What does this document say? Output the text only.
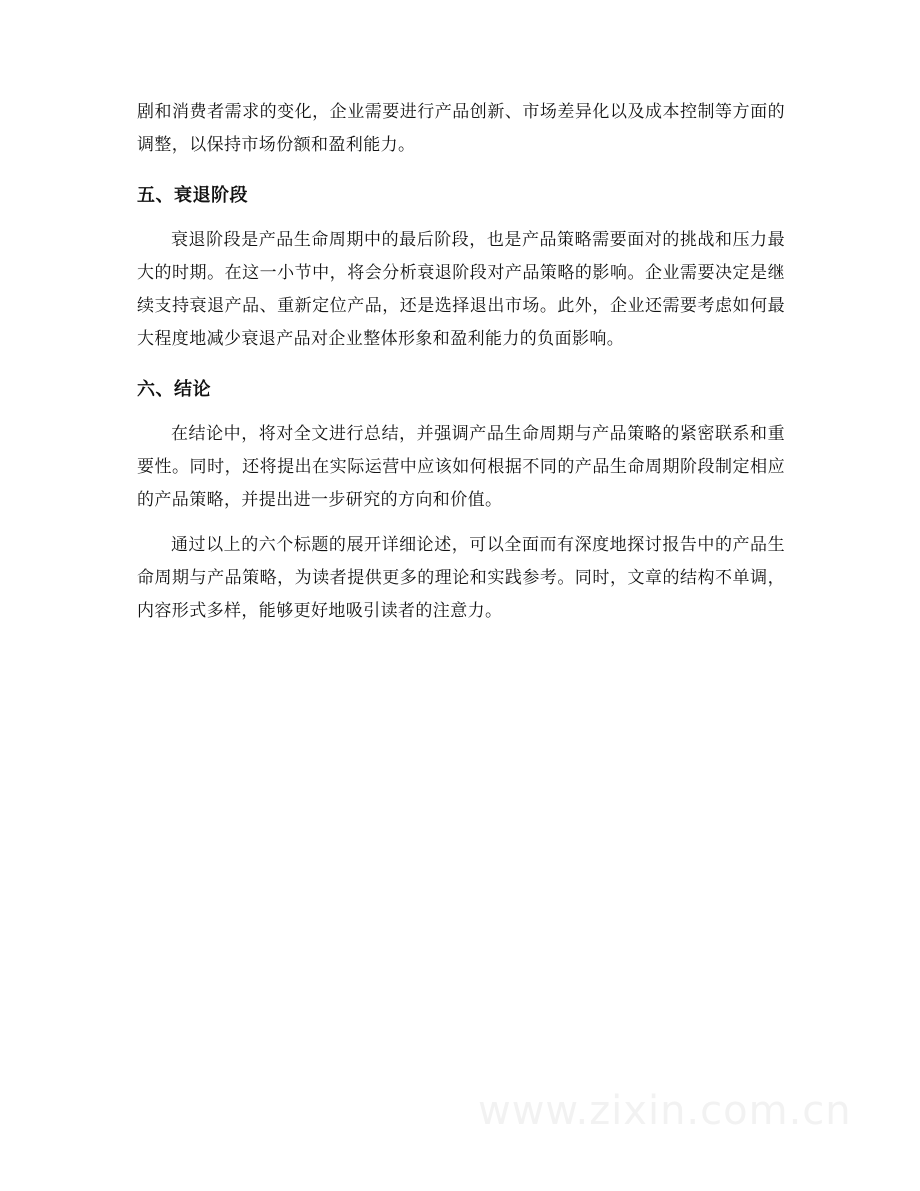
剧和消费者需求的变化，企业需要进行产品创新、市场差异化以及成本控制等方面的调整，以保持市场份额和盈利能力。

五、衰退阶段

衰退阶段是产品生命周期中的最后阶段，也是产品策略需要面对的挑战和压力最大的时期。在这一小节中，将会分析衰退阶段对产品策略的影响。企业需要决定是继续支持衰退产品、重新定位产品，还是选择退出市场。此外，企业还需要考虑如何最大程度地减少衰退产品对企业整体形象和盈利能力的负面影响。

六、结论

在结论中，将对全文进行总结，并强调产品生命周期与产品策略的紧密联系和重要性。同时，还将提出在实际运营中应该如何根据不同的产品生命周期阶段制定相应的产品策略，并提出进一步研究的方向和价值。

通过以上的六个标题的展开详细论述，可以全面而有深度地探讨报告中的产品生命周期与产品策略，为读者提供更多的理论和实践参考。同时，文章的结构不单调，内容形式多样，能够更好地吸引读者的注意力。

www.zixin.com.cn
